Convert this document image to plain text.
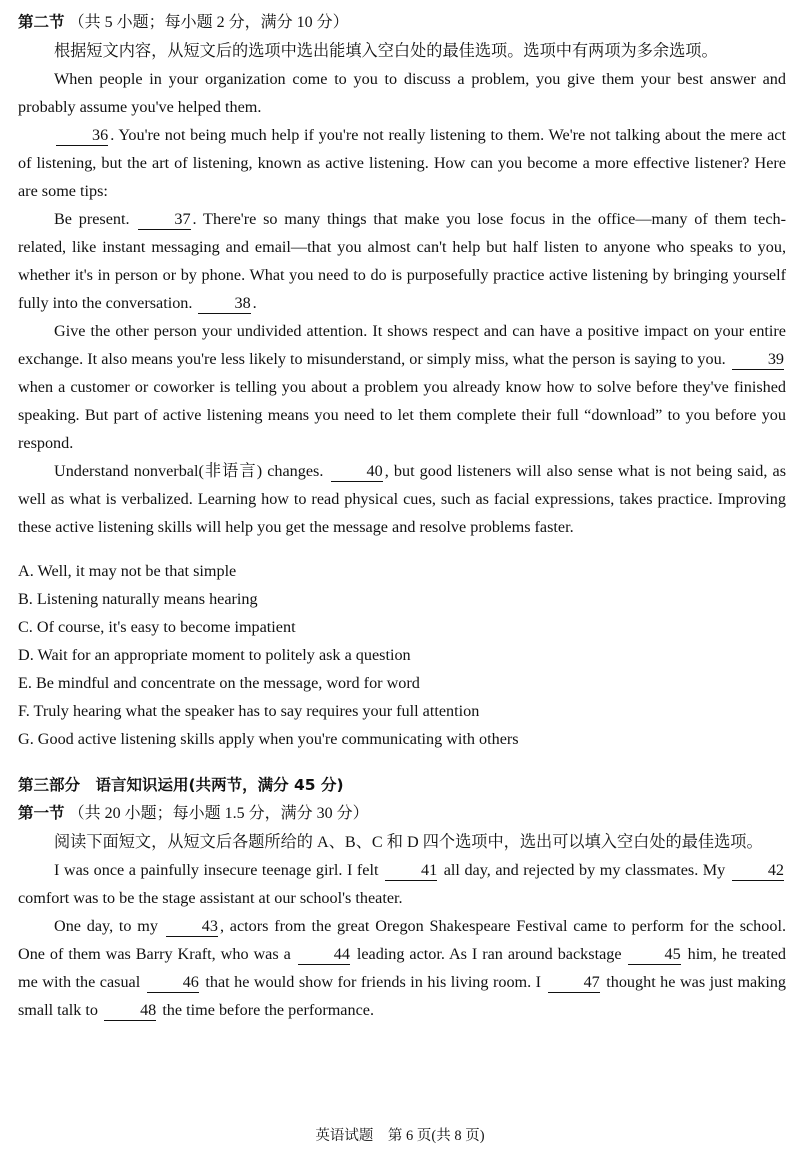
第二节 （共 5 小题；每小题 2 分，满分 10 分）
根据短文内容，从短文后的选项中选出能填入空白处的最佳选项。选项中有两项为多余选项。
When people in your organization come to you to discuss a problem, you give them your best answer and probably assume you've helped them.
36 . You're not being much help if you're not really listening to them. We're not talking about the mere act of listening, but the art of listening, known as active listening. How can you become a more effective listener? Here are some tips:
Be present.	37 . There're so many things that make you lose focus in the office—many of them tech-related, like instant messaging and email—that you almost can't help but half listen to anyone who speaks to you, whether it's in person or by phone. What you need to do is purposefully practice active listening by bringing yourself fully into the conversation.	38 .
Give the other person your undivided attention. It shows respect and can have a positive impact on your entire exchange. It also means you're less likely to misunderstand, or simply miss, what the person is saying to you.	39 when a customer or coworker is telling you about a problem you already know how to solve before they've finished speaking. But part of active listening means you need to let them complete their full “download” to you before you respond.
Understand nonverbal(非语言) changes.	40 , but good listeners will also sense what is not being said, as well as what is verbalized. Learning how to read physical cues, such as facial expressions, takes practice. Improving these active listening skills will help you get the message and resolve problems faster.
A. Well, it may not be that simple
B. Listening naturally means hearing
C. Of course, it's easy to become impatient
D. Wait for an appropriate moment to politely ask a question
E. Be mindful and concentrate on the message, word for word
F. Truly hearing what the speaker has to say requires your full attention
G. Good active listening skills apply when you're communicating with others
第三部分　语言知识运用(共两节，满分 45 分)
第一节 （共 20 小题；每小题 1.5 分，满分 30 分）
阅读下面短文，从短文后各题所给的 A、B、C 和 D 四个选项中，选出可以填入空白处的最佳选项。
I was once a painfully insecure teenage girl. I felt	41 all day, and rejected by my classmates. My	42 comfort was to be the stage assistant at our school's theater.
One day, to my	43 , actors from the great Oregon Shakespeare Festival came to perform for the school. One of them was Barry Kraft, who was a	44 leading actor. As I ran around backstage	45 him, he treated me with the casual	46 that he would show for friends in his living room. I	47 thought he was just making small talk to	48 the time before the performance.
英语试题　第 6 页(共 8 页)
